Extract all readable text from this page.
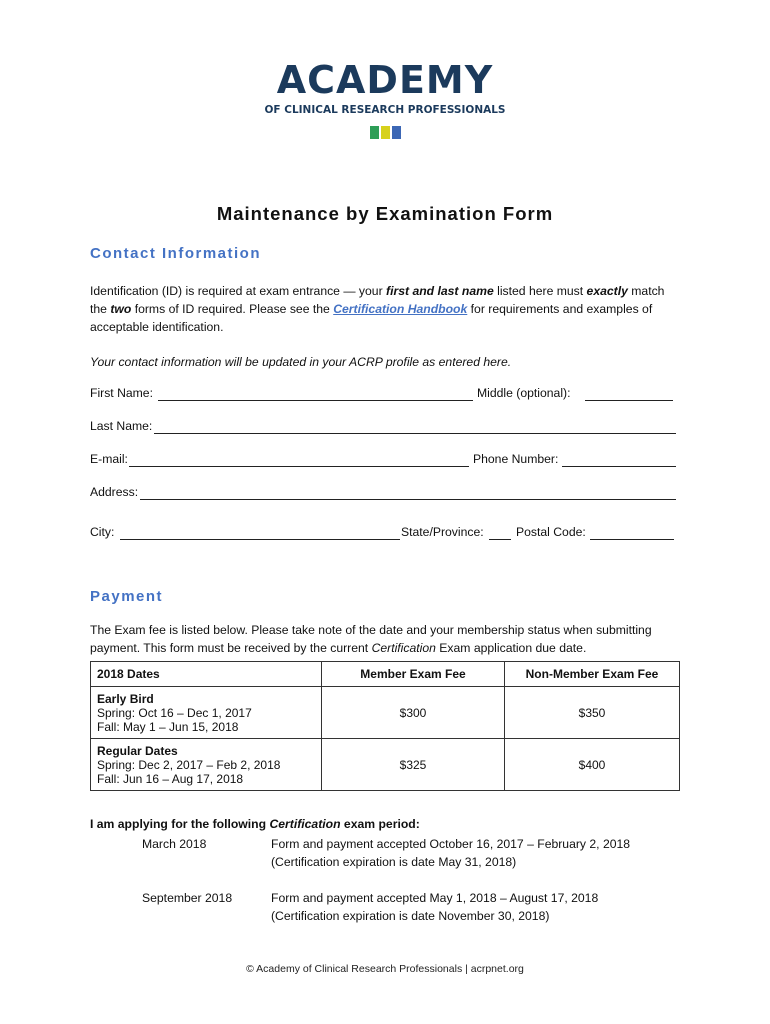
ACADEMY
OF CLINICAL RESEARCH PROFESSIONALS
Maintenance by Examination Form
Contact Information
Identification (ID) is required at exam entrance — your first and last name listed here must exactly match the two forms of ID required. Please see the Certification Handbook for requirements and examples of acceptable identification.
Your contact information will be updated in your ACRP profile as entered here.
First Name:	Middle (optional):
Last Name:
E-mail:	Phone Number:
Address:
City:	State/Province:	Postal Code:
Payment
The Exam fee is listed below. Please take note of the date and your membership status when submitting payment. This form must be received by the current Certification Exam application due date.
2018 Dates	Member Exam Fee	Non-Member Exam Fee

Early Bird
Spring: Oct 16 – Dec 1, 2017
Fall: May 1 – Jun 15, 2018	$300	$350

Regular Dates
Spring: Dec 2, 2017 – Feb 2, 2018
Fall: Jun 16 – Aug 17, 2018	$325	$400
I am applying for the following Certification exam period:
March 2018	Form and payment accepted October 16, 2017 – February 2, 2018
(Certification expiration is date May 31, 2018)
September 2018	Form and payment accepted May 1, 2018 – August 17, 2018
(Certification expiration is date November 30, 2018)
© Academy of Clinical Research Professionals | acrpnet.org
